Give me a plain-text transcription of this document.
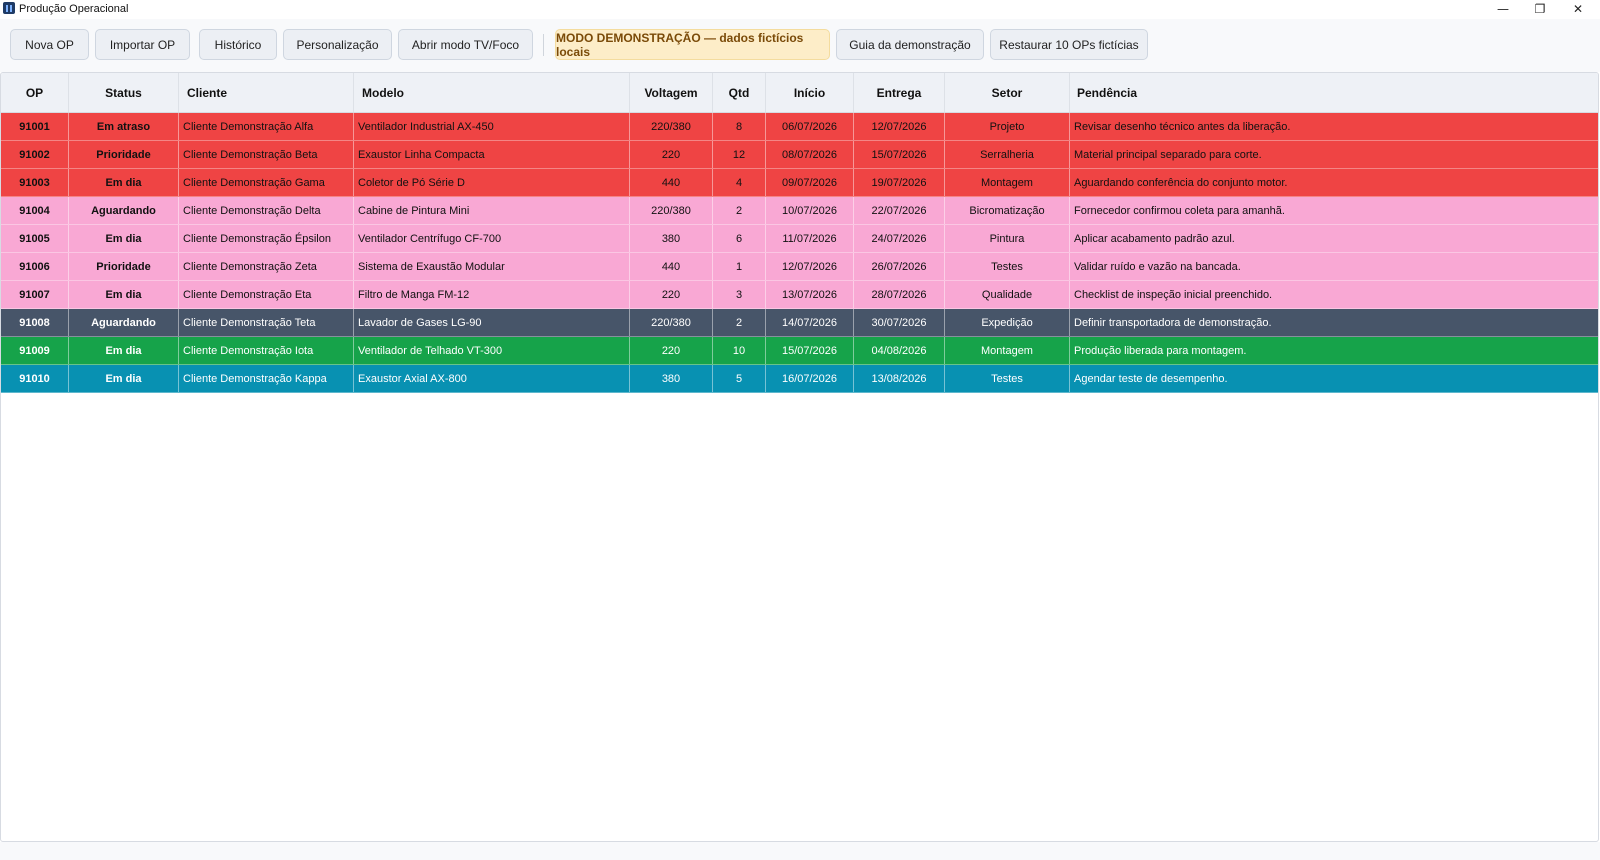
Produção Operacional	—	❐	✕
Nova OP	Importar OP	Histórico	Personalização	Abrir modo TV/Foco	MODO DEMONSTRAÇÃO — dados fictícios locais	Guia da demonstração	Restaurar 10 OPs fictícias
OP	Status	Cliente	Modelo	Voltagem	Qtd	Início	Entrega	Setor	Pendência
91001	Em atraso	Cliente Demonstração Alfa	Ventilador Industrial AX-450	220/380	8	06/07/2026	12/07/2026	Projeto	Revisar desenho técnico antes da liberação.
91002	Prioridade	Cliente Demonstração Beta	Exaustor Linha Compacta	220	12	08/07/2026	15/07/2026	Serralheria	Material principal separado para corte.
91003	Em dia	Cliente Demonstração Gama	Coletor de Pó Série D	440	4	09/07/2026	19/07/2026	Montagem	Aguardando conferência do conjunto motor.
91004	Aguardando	Cliente Demonstração Delta	Cabine de Pintura Mini	220/380	2	10/07/2026	22/07/2026	Bicromatização	Fornecedor confirmou coleta para amanhã.
91005	Em dia	Cliente Demonstração Épsilon	Ventilador Centrífugo CF-700	380	6	11/07/2026	24/07/2026	Pintura	Aplicar acabamento padrão azul.
91006	Prioridade	Cliente Demonstração Zeta	Sistema de Exaustão Modular	440	1	12/07/2026	26/07/2026	Testes	Validar ruído e vazão na bancada.
91007	Em dia	Cliente Demonstração Eta	Filtro de Manga FM-12	220	3	13/07/2026	28/07/2026	Qualidade	Checklist de inspeção inicial preenchido.
91008	Aguardando	Cliente Demonstração Teta	Lavador de Gases LG-90	220/380	2	14/07/2026	30/07/2026	Expedição	Definir transportadora de demonstração.
91009	Em dia	Cliente Demonstração Iota	Ventilador de Telhado VT-300	220	10	15/07/2026	04/08/2026	Montagem	Produção liberada para montagem.
91010	Em dia	Cliente Demonstração Kappa	Exaustor Axial AX-800	380	5	16/07/2026	13/08/2026	Testes	Agendar teste de desempenho.
